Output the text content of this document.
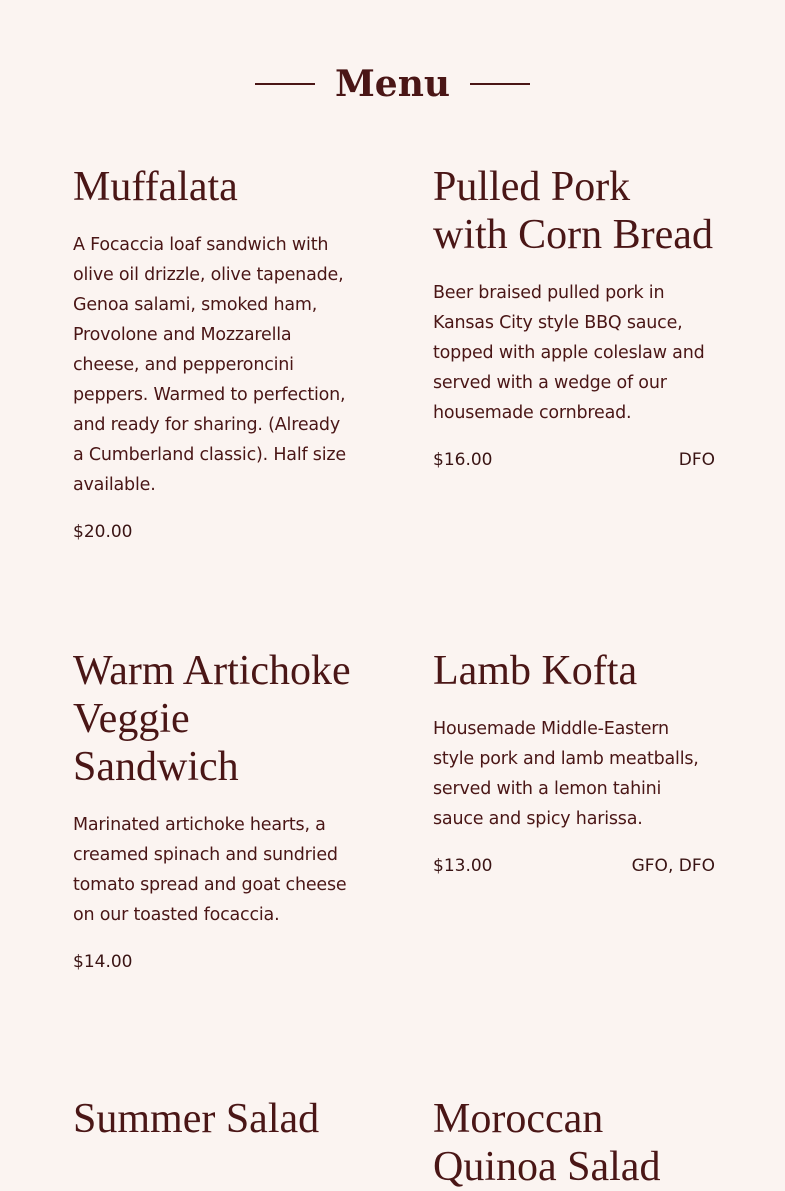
Menu
Muffalata

A Focaccia loaf sandwich with olive oil drizzle, olive tapenade, Genoa salami, smoked ham, Provolone and Mozzarella cheese, and pepperoncini peppers. Warmed to perfection, and ready for sharing. (Already a Cumberland classic). Half size available.

$20.00
Pulled Pork with Corn Bread

Beer braised pulled pork in Kansas City style BBQ sauce, topped with apple coleslaw and served with a wedge of our housemade cornbread.

$16.00	DFO
Warm Artichoke Veggie Sandwich

Marinated artichoke hearts, a creamed spinach and sundried tomato spread and goat cheese on our toasted focaccia.

$14.00
Lamb Kofta

Housemade Middle-Eastern style pork and lamb meatballs, served with a lemon tahini sauce and spicy harissa.

$13.00	GFO, DFO
Summer Salad	Moroccan Quinoa Salad
